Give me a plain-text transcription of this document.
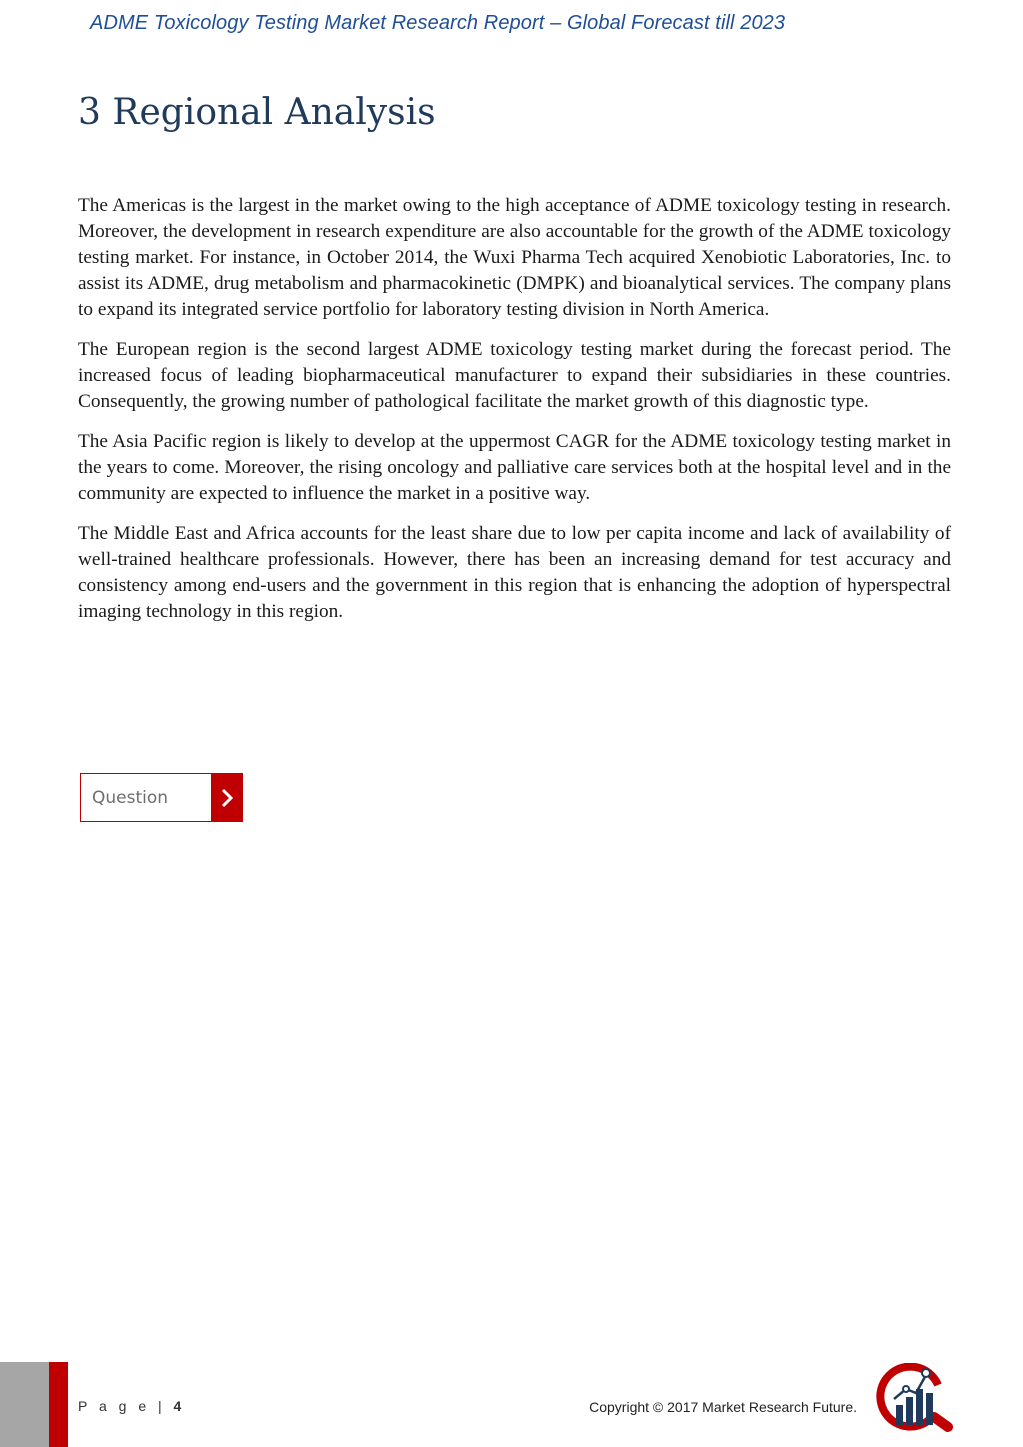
ADME Toxicology Testing Market Research Report – Global Forecast till 2023
3 Regional Analysis

The Americas is the largest in the market owing to the high acceptance of ADME toxicology testing in research. Moreover, the development in research expenditure are also accountable for the growth of the ADME toxicology testing market. For instance, in October 2014, the Wuxi Pharma Tech acquired Xenobiotic Laboratories, Inc. to assist its ADME, drug metabolism and pharmacokinetic (DMPK) and bioanalytical services. The company plans to expand its integrated service portfolio for laboratory testing division in North America.

The European region is the second largest ADME toxicology testing market during the forecast period. The increased focus of leading biopharmaceutical manufacturer to expand their subsidiaries in these countries. Consequently, the growing number of pathological facilitate the market growth of this diagnostic type.

The Asia Pacific region is likely to develop at the uppermost CAGR for the ADME toxicology testing market in the years to come. Moreover, the rising oncology and palliative care services both at the hospital level and in the community are expected to influence the market in a positive way.

The Middle East and Africa accounts for the least share due to low per capita income and lack of availability of well-trained healthcare professionals. However, there has been an increasing demand for test accuracy and consistency among end-users and the government in this region that is enhancing the adoption of hyperspectral imaging technology in this region.

Question
P a g e | 4	Copyright © 2017 Market Research Future.
